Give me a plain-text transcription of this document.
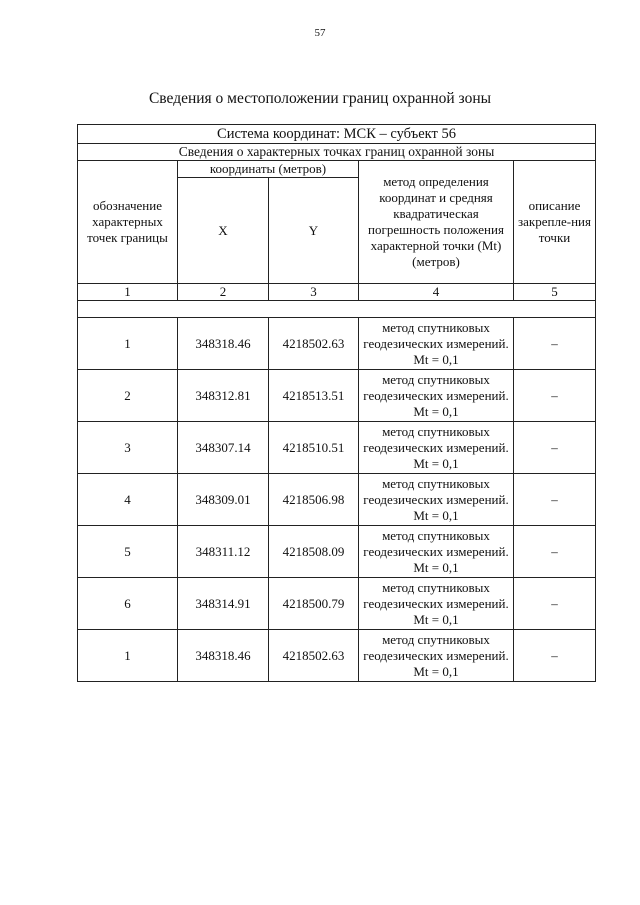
57
Сведения о местоположении границ охранной зоны
Система координат: МСК – субъект 56				
Сведения о характерных точках границ охранной зоны				
обозначение характерных точек границы	координаты (метров)		метод определения координат и средняя квадратическая погрешность положения характерной точки (Mt) (метров)	описание закрепле-ния точки
	X	Y		
1	2	3	4	5

1	348318.46	4218502.63	метод спутниковых геодезических измерений. Mt = 0,1	–
2	348312.81	4218513.51	метод спутниковых геодезических измерений. Mt = 0,1	–
3	348307.14	4218510.51	метод спутниковых геодезических измерений. Mt = 0,1	–
4	348309.01	4218506.98	метод спутниковых геодезических измерений. Mt = 0,1	–
5	348311.12	4218508.09	метод спутниковых геодезических измерений. Mt = 0,1	–
6	348314.91	4218500.79	метод спутниковых геодезических измерений. Mt = 0,1	–
1	348318.46	4218502.63	метод спутниковых геодезических измерений. Mt = 0,1	–
